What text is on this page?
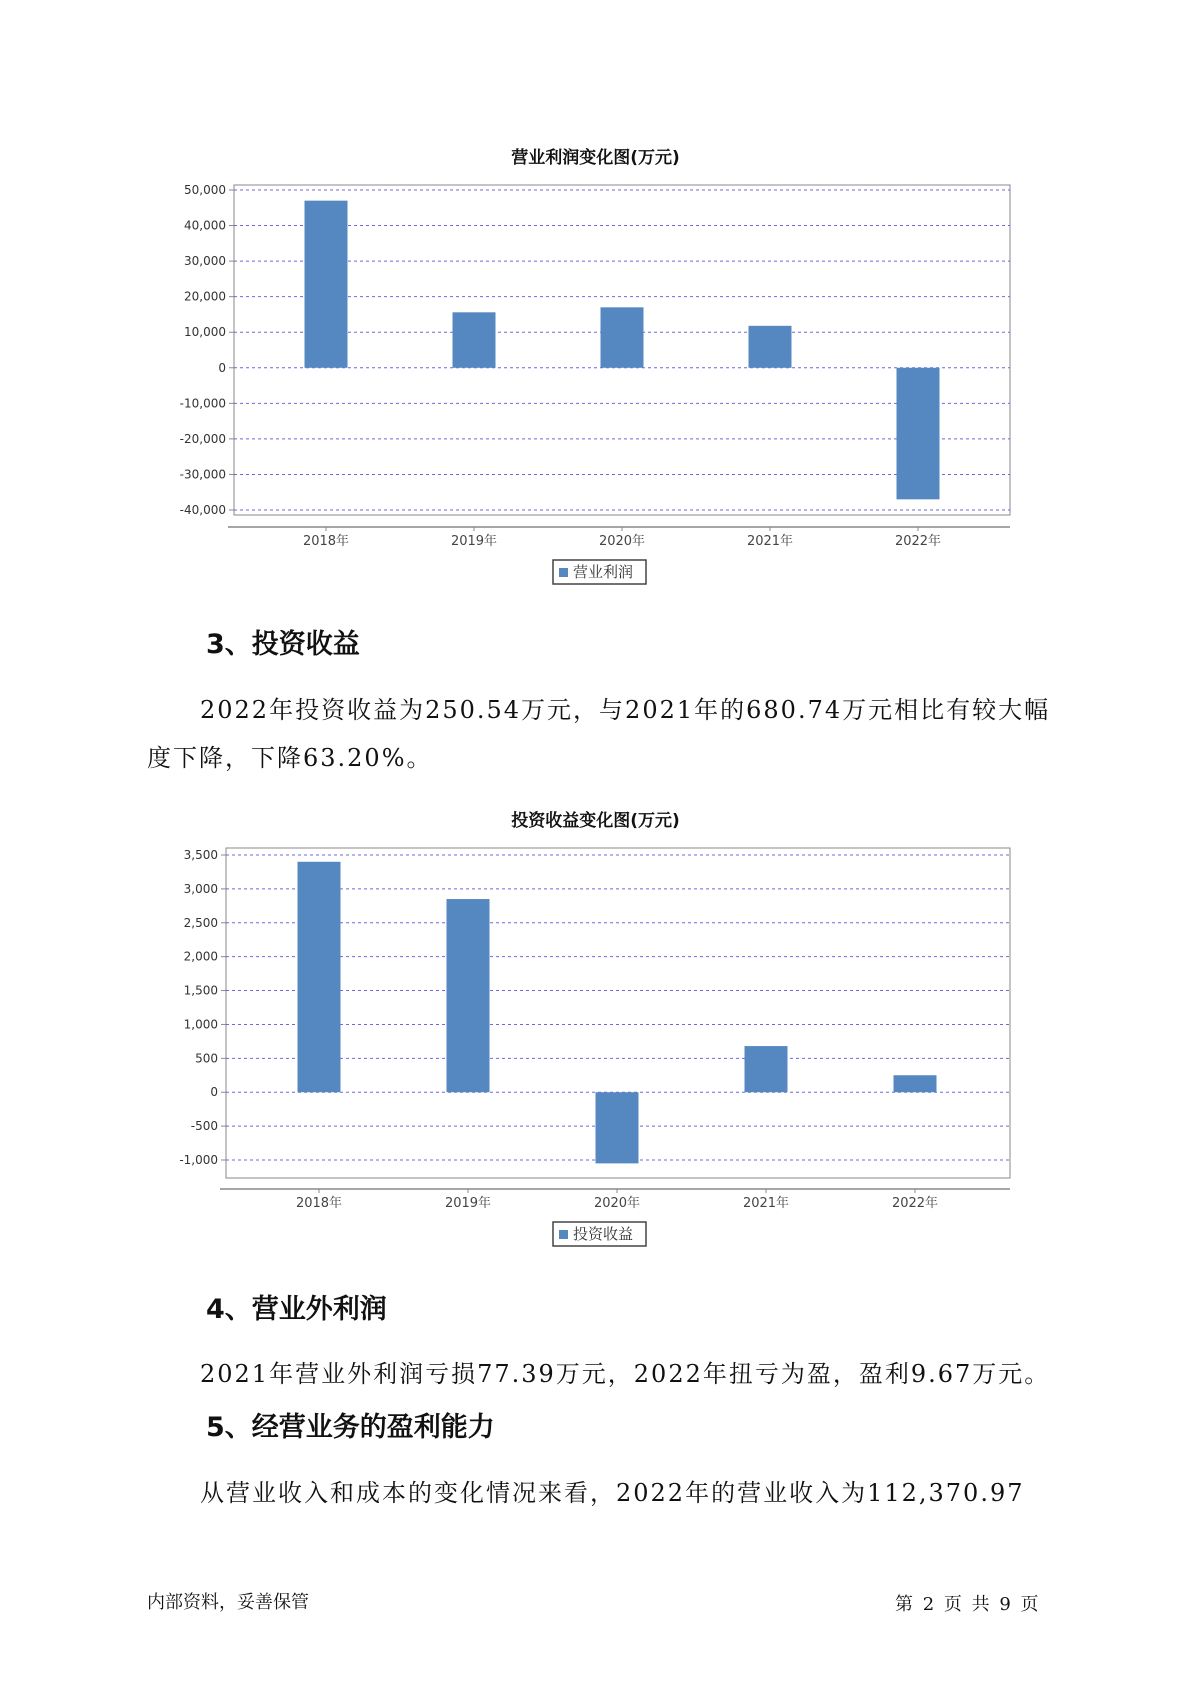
营业利润变化图(万元)
50,000
40,000
30,000
20,000
10,000
0
-10,000
-20,000
-30,000
-40,000
2018年	2019年	2020年	2021年	2022年
营业利润
3、投资收益
2022年投资收益为250.54万元，与2021年的680.74万元相比有较大幅
度下降，下降63.20%。
投资收益变化图(万元)
3,500
3,000
2,500
2,000
1,500
1,000
500
0
-500
-1,000
2018年	2019年	2020年	2021年	2022年
投资收益
4、营业外利润
2021年营业外利润亏损77.39万元，2022年扭亏为盈，盈利9.67万元。
5、经营业务的盈利能力
从营业收入和成本的变化情况来看，2022年的营业收入为112,370.97
内部资料，妥善保管	第 2 页 共 9 页
